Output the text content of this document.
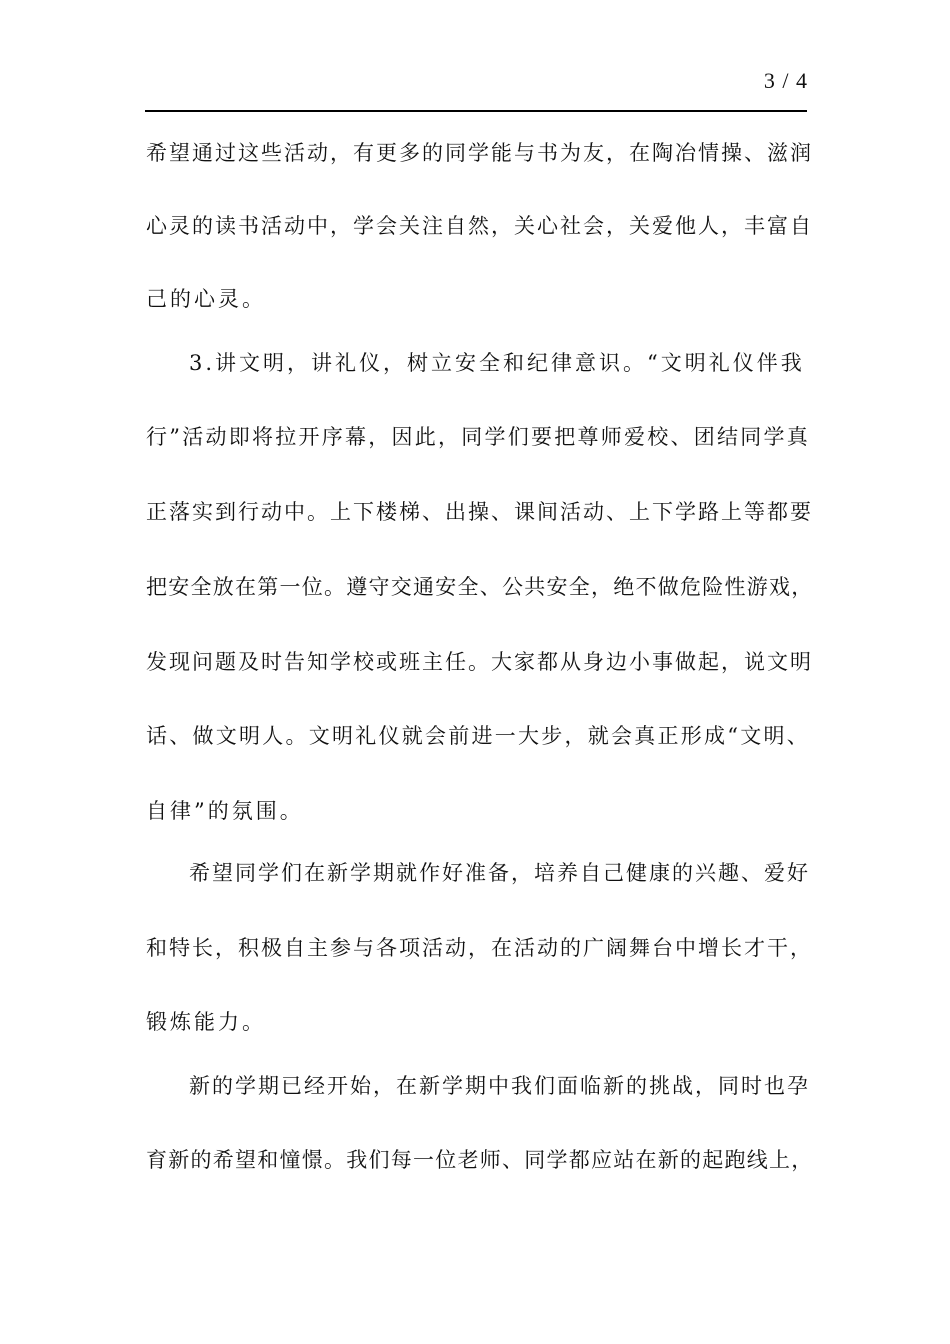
3 / 4
希望通过这些活动，有更多的同学能与书为友，在陶冶情操、滋润
心灵的读书活动中，学会关注自然，关心社会，关爱他人，丰富自
己的心灵。
3.讲文明，讲礼仪，树立安全和纪律意识。“文明礼仪伴我
行”活动即将拉开序幕，因此，同学们要把尊师爱校、团结同学真
正落实到行动中。上下楼梯、出操、课间活动、上下学路上等都要
把安全放在第一位。遵守交通安全、公共安全，绝不做危险性游戏，
发现问题及时告知学校或班主任。大家都从身边小事做起，说文明
话、做文明人。文明礼仪就会前进一大步，就会真正形成“文明、
自律”的氛围。
希望同学们在新学期就作好准备，培养自己健康的兴趣、爱好
和特长，积极自主参与各项活动，在活动的广阔舞台中增长才干，
锻炼能力。
新的学期已经开始，在新学期中我们面临新的挑战，同时也孕
育新的希望和憧憬。我们每一位老师、同学都应站在新的起跑线上，
